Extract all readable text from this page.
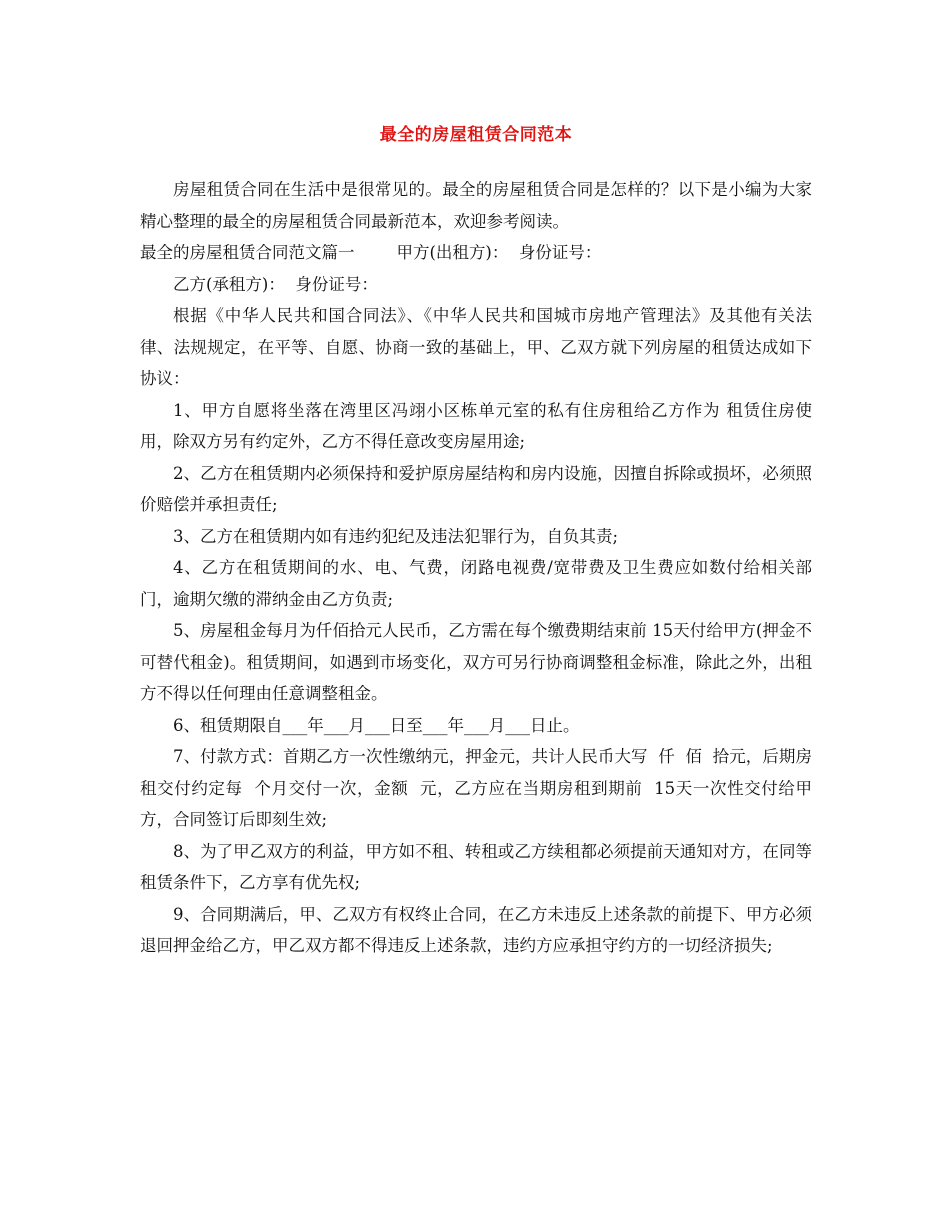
最全的房屋租赁合同范本

房屋租赁合同在生活中是很常见的。最全的房屋租赁合同是怎样的？以下是小编为大家精心整理的最全的房屋租赁合同最新范本，欢迎参考阅读。

最全的房屋租赁合同范文篇一        甲方(出租方)：  身份证号：

乙方(承租方)：  身份证号：

根据《中华人民共和国合同法》、《中华人民共和国城市房地产管理法》及其他有关法律、法规规定，在平等、自愿、协商一致的基础上，甲、乙双方就下列房屋的租赁达成如下协议：

1、甲方自愿将坐落在湾里区冯翊小区栋单元室的私有住房租给乙方作为 租赁住房使用，除双方另有约定外，乙方不得任意改变房屋用途;

2、乙方在租赁期内必须保持和爱护原房屋结构和房内设施，因擅自拆除或损坏，必须照价赔偿并承担责任;

3、乙方在租赁期内如有违约犯纪及违法犯罪行为，自负其责;

4、乙方在租赁期间的水、电、气费，闭路电视费/宽带费及卫生费应如数付给相关部门，逾期欠缴的滞纳金由乙方负责;

5、房屋租金每月为仟佰拾元人民币，乙方需在每个缴费期结束前 15天付给甲方(押金不可替代租金)。租赁期间，如遇到市场变化，双方可另行协商调整租金标准，除此之外，出租方不得以任何理由任意调整租金。

6、租赁期限自___年___月___日至___年___月___日止。

7、付款方式：首期乙方一次性缴纳元，押金元，共计人民币大写  仟  佰  拾元，后期房租交付约定每  个月交付一次，金额  元，乙方应在当期房租到期前  15天一次性交付给甲方，合同签订后即刻生效;

8、为了甲乙双方的利益，甲方如不租、转租或乙方续租都必须提前天通知对方，在同等租赁条件下，乙方享有优先权;

9、合同期满后，甲、乙双方有权终止合同，在乙方未违反上述条款的前提下、甲方必须退回押金给乙方，甲乙双方都不得违反上述条款，违约方应承担守约方的一切经济损失;
